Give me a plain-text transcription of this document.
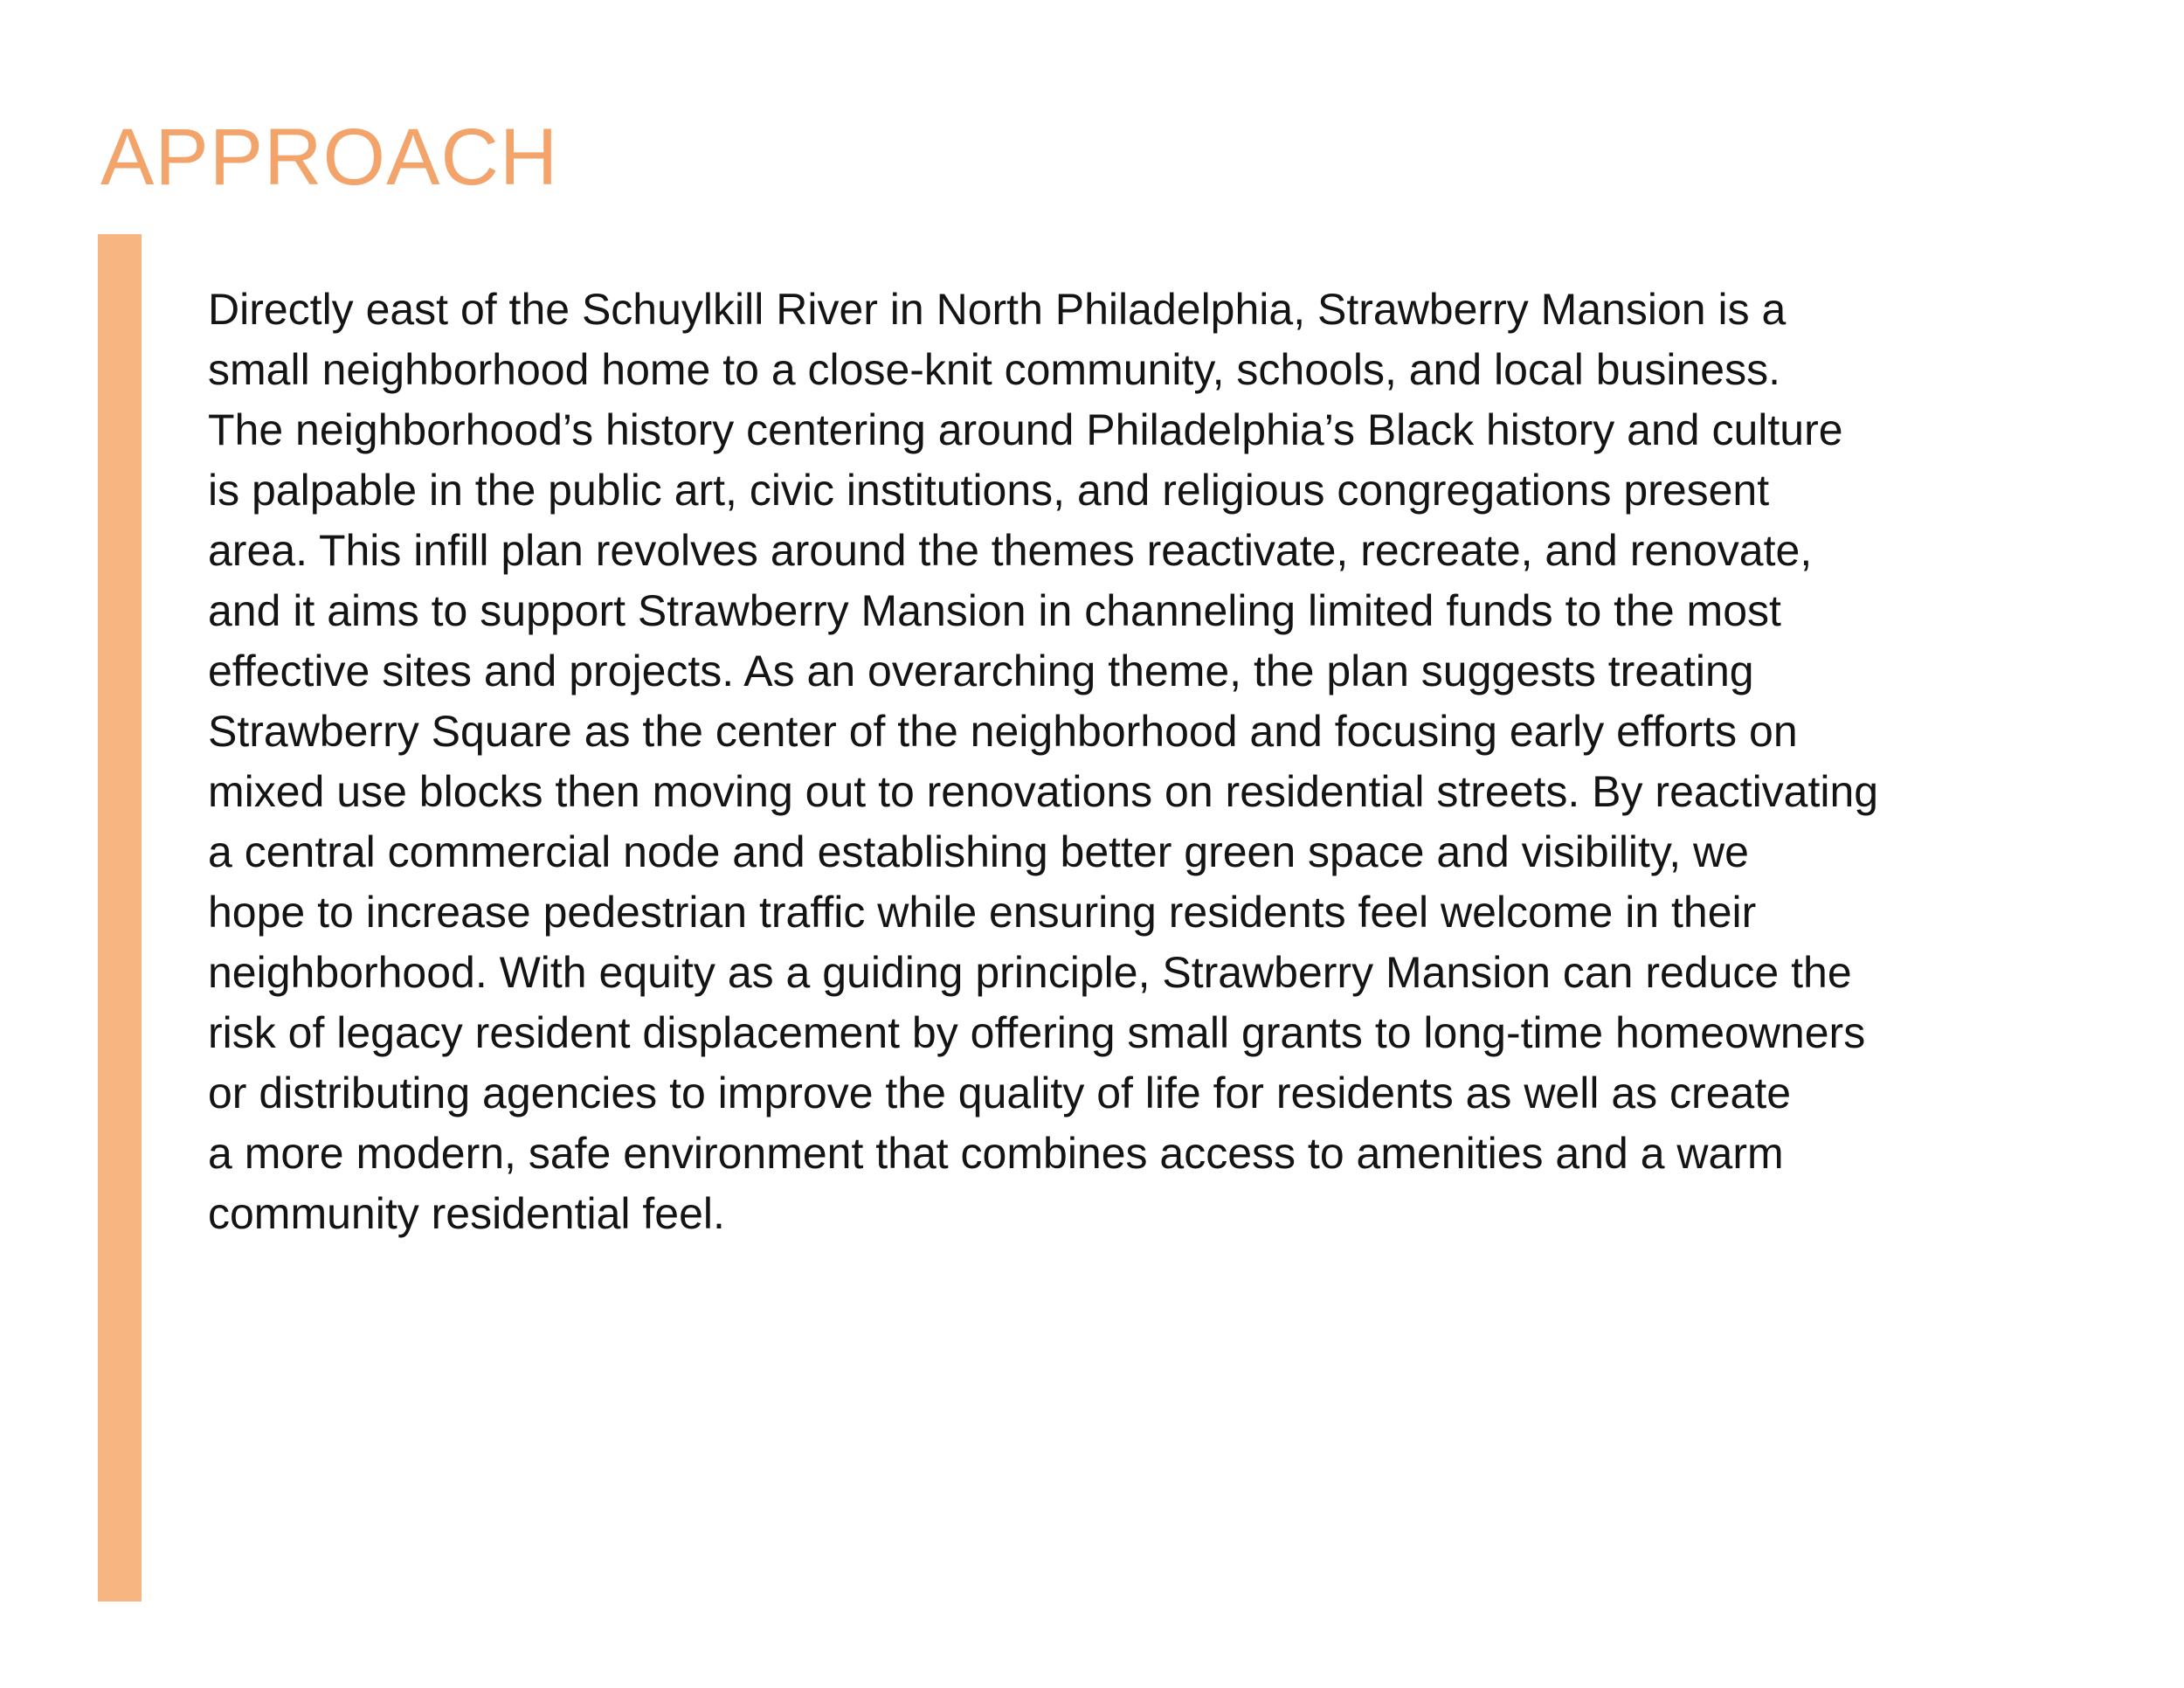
APPROACH
Directly east of the Schuylkill River in North Philadelphia, Strawberry Mansion is a
small neighborhood home to a close-knit community, schools, and local business.
The neighborhood’s history centering around Philadelphia’s Black history and culture
is palpable in the public art, civic institutions, and religious congregations present
area. This infill plan revolves around the themes reactivate, recreate, and renovate,
and it aims to support Strawberry Mansion in channeling limited funds to the most
effective sites and projects. As an overarching theme, the plan suggests treating
Strawberry Square as the center of the neighborhood and focusing early efforts on
mixed use blocks then moving out to renovations on residential streets. By reactivating
a central commercial node and establishing better green space and visibility, we
hope to increase pedestrian traffic while ensuring residents feel welcome in their
neighborhood. With equity as a guiding principle, Strawberry Mansion can reduce the
risk of legacy resident displacement by offering small grants to long-time homeowners
or distributing agencies to improve the quality of life for residents as well as create
a more modern, safe environment that combines access to amenities and a warm
community residential feel.
